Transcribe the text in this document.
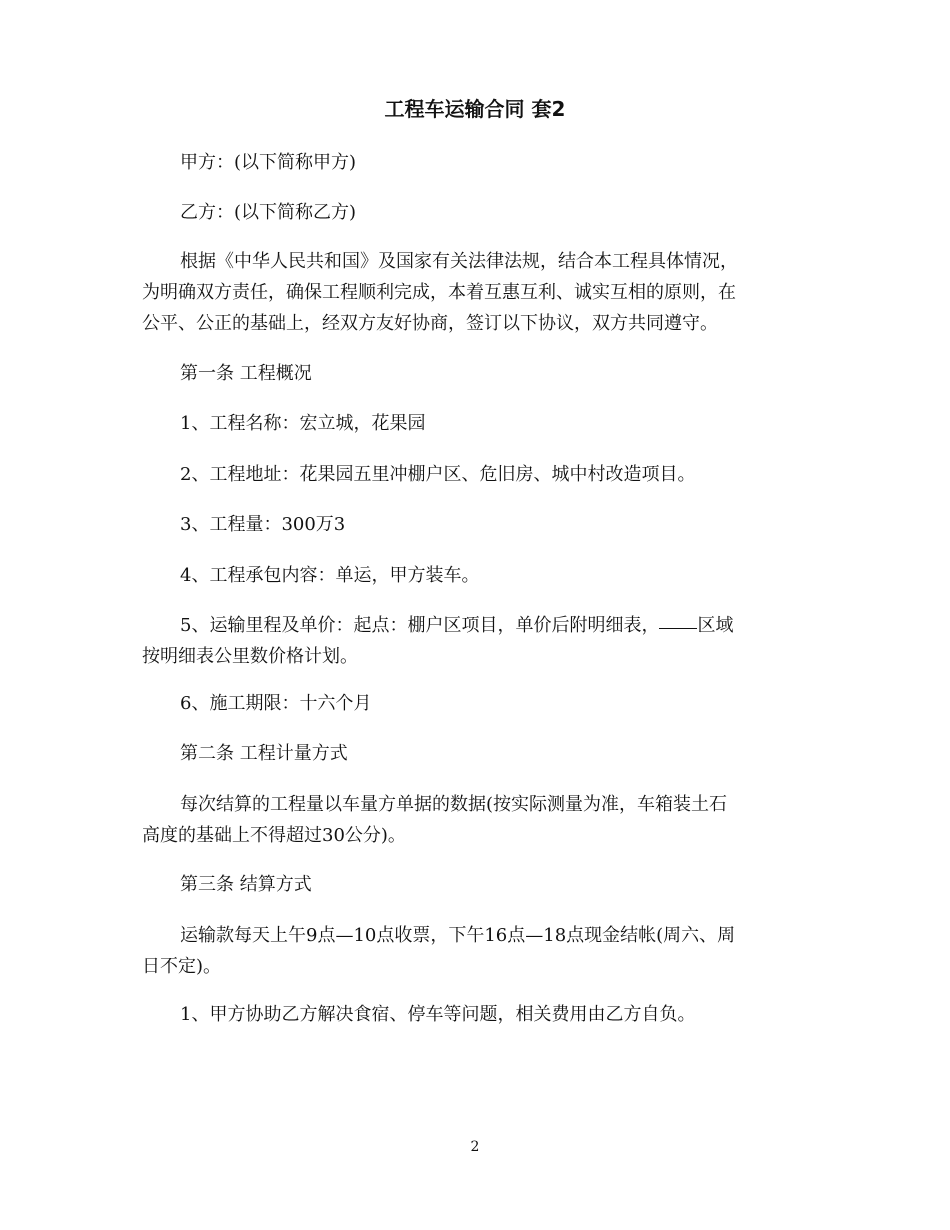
工程车运输合同 套2

甲方：(以下简称甲方)

乙方：(以下简称乙方)

根据《中华人民共和国》及国家有关法律法规，结合本工程具体情况，
为明确双方责任，确保工程顺利完成，本着互惠互利、诚实互相的原则，在
公平、公正的基础上，经双方友好协商，签订以下协议，双方共同遵守。

第一条 工程概况

1、工程名称：宏立城，花果园

2、工程地址：花果园五里冲棚户区、危旧房、城中村改造项目。

3、工程量：300万3

4、工程承包内容：单运，甲方装车。

5、运输里程及单价：起点：棚户区项目，单价后附明细表， 区域
按明细表公里数价格计划。

6、施工期限：十六个月

第二条 工程计量方式

每次结算的工程量以车量方单据的数据(按实际测量为准，车箱装土石
高度的基础上不得超过30公分)。

第三条 结算方式

运输款每天上午9点—10点收票，下午16点—18点现金结帐(周六、周
日不定)。

1、甲方协助乙方解决食宿、停车等问题，相关费用由乙方自负。

2
